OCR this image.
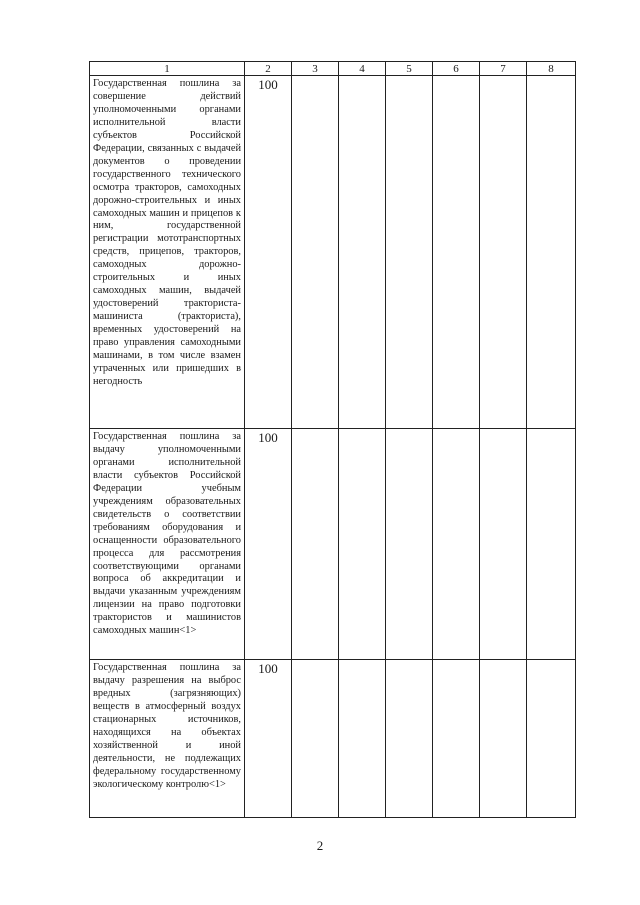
1	2	3	4	5	6	7	8
Государственная пошлина за совершение действий уполномоченными органами исполнительной власти субъектов Российской Федерации, связанных с выдачей документов о проведении государственного технического осмотра тракторов, самоходных дорожно-строительных и иных самоходных машин и прицепов к ним, государственной регистрации мототранспортных средств, прицепов, тракторов, самоходных дорожно-строительных и иных самоходных машин, выдачей удостоверений тракториста-машиниста (тракториста), временных удостоверений на право управления самоходными машинами, в том числе взамен утраченных или пришедших в негодность	100						
Государственная пошлина за выдачу уполномоченными органами исполнительной власти субъектов Российской Федерации учебным учреждениям образовательных свидетельств о соответствии требованиям оборудования и оснащенности образовательного процесса для рассмотрения соответствующими органами вопроса об аккредитации и выдачи указанным учреждениям лицензии на право подготовки трактористов и машинистов самоходных машин<1>	100						
Государственная пошлина за выдачу разрешения на выброс вредных (загрязняющих) веществ в атмосферный воздух стационарных источников, находящихся на объектах хозяйственной и иной деятельности, не подлежащих федеральному государственному экологическому контролю<1>	100						
2
